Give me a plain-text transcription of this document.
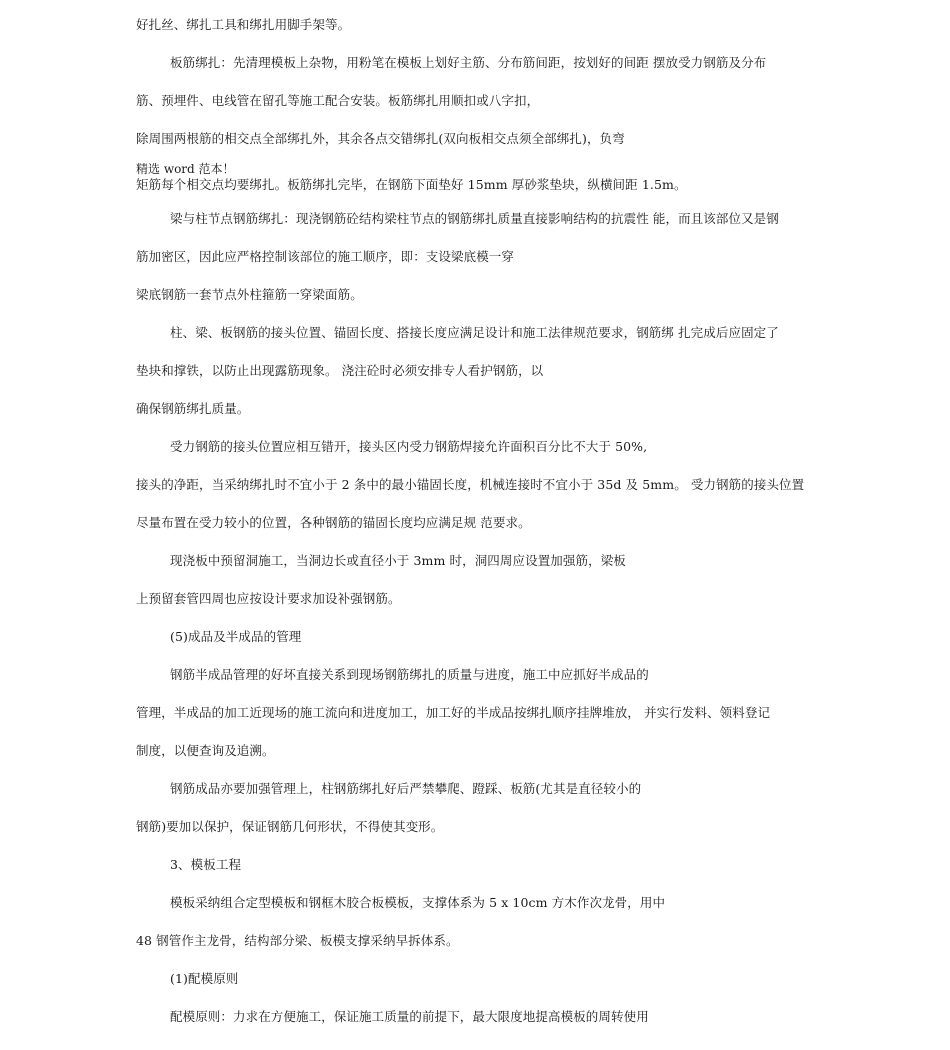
好扎丝、绑扎工具和绑扎用脚手架等。
板筋绑扎：先清理模板上杂物，用粉笔在模板上划好主筋、分布筋间距，按划好的间距 摆放受力钢筋及分布
筋、预埋件、电线管在留孔等施工配合安装。板筋绑扎用顺扣或八字扣，
除周围两根筋的相交点全部绑扎外，其余各点交错绑扎(双向板相交点须全部绑扎)，负弯
精选 word 范本！
矩筋每个相交点均要绑扎。板筋绑扎完毕，在钢筋下面垫好 15mm 厚砂浆垫块，纵横间距 1.5m。
梁与柱节点钢筋绑扎：现浇钢筋砼结构梁柱节点的钢筋绑扎质量直接影响结构的抗震性 能，而且该部位又是钢
筋加密区，因此应严格控制该部位的施工顺序，即：支设梁底模一穿
梁底钢筋一套节点外柱箍筋一穿梁面筋。
柱、梁、板钢筋的接头位置、锚固长度、搭接长度应满足设计和施工法律规范要求，钢筋绑 扎完成后应固定了
垫块和撑铁，以防止出现露筋现象。 浇注砼时必须安排专人看护钢筋，以
确保钢筋绑扎质量。
受力钢筋的接头位置应相互错开，接头区内受力钢筋焊接允许面积百分比不大于 50%,
接头的净距，当采纳绑扎时不宜小于 2 条中的最小锚固长度，机械连接时不宜小于 35d 及 5mm。 受力钢筋的接头位置
尽量布置在受力较小的位置，各种钢筋的锚固长度均应满足规 范要求。
现浇板中预留洞施工，当洞边长或直径小于 3mm 时，洞四周应设置加强筋，梁板
上预留套管四周也应按设计要求加设补强钢筋。
(5)成品及半成品的管理
钢筋半成品管理的好坏直接关系到现场钢筋绑扎的质量与进度，施工中应抓好半成品的
管理，半成品的加工近现场的施工流向和进度加工，加工好的半成品按绑扎顺序挂牌堆放， 并实行发料、领料登记
制度，以便查询及追溯。
钢筋成品亦要加强管理上，柱钢筋绑扎好后严禁攀爬、蹬踩、板筋(尤其是直径较小的
钢筋)要加以保护，保证钢筋几何形状，不得使其变形。
3、模板工程
模板采纳组合定型模板和钢框木胶合板模板，支撑体系为 5 x 10cm 方木作次龙骨，用中
48 钢管作主龙骨，结构部分梁、板模支撑采纳早拆体系。
(1)配模原则
配模原则：力求在方便施工，保证施工质量的前提下，最大限度地提高模板的周转使用
